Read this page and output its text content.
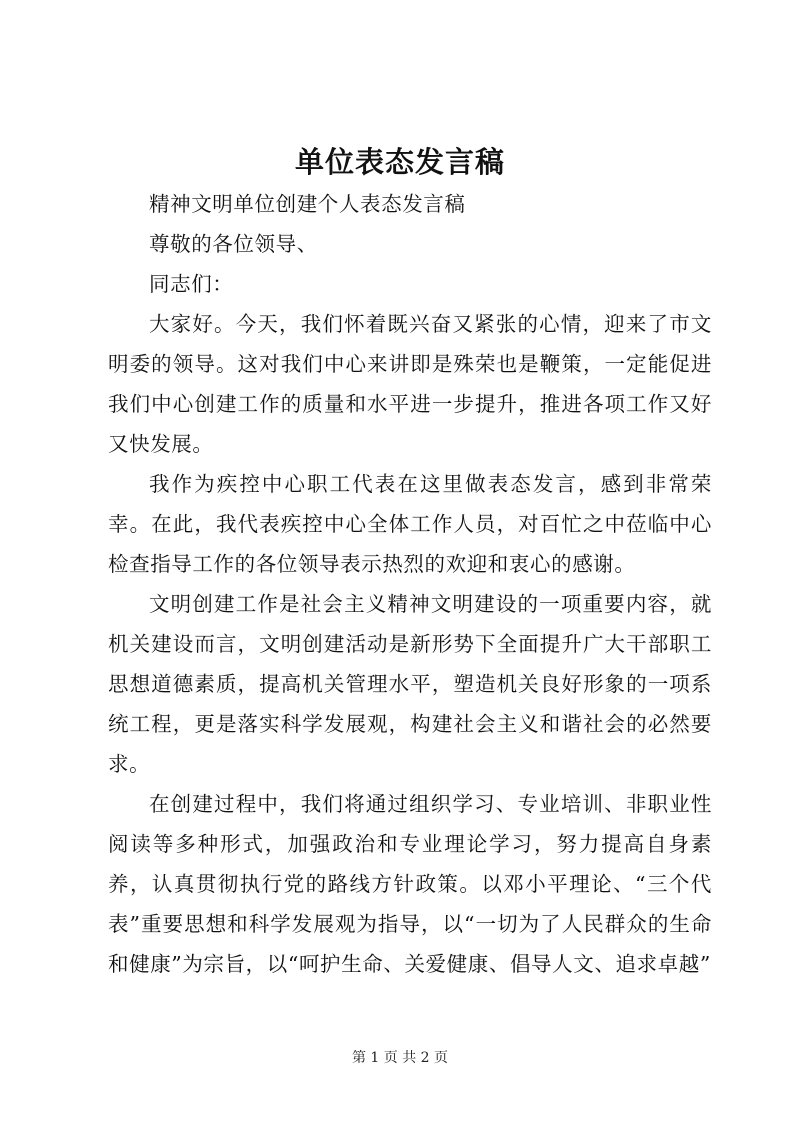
单位表态发言稿

精神文明单位创建个人表态发言稿

尊敬的各位领导、

同志们：

大家好。今天，我们怀着既兴奋又紧张的心情，迎来了市文明委的领导。这对我们中心来讲即是殊荣也是鞭策，一定能促进我们中心创建工作的质量和水平进一步提升，推进各项工作又好又快发展。

我作为疾控中心职工代表在这里做表态发言，感到非常荣幸。在此，我代表疾控中心全体工作人员，对百忙之中莅临中心检查指导工作的各位领导表示热烈的欢迎和衷心的感谢。

文明创建工作是社会主义精神文明建设的一项重要内容，就机关建设而言，文明创建活动是新形势下全面提升广大干部职工思想道德素质，提高机关管理水平，塑造机关良好形象的一项系统工程，更是落实科学发展观，构建社会主义和谐社会的必然要求。

在创建过程中，我们将通过组织学习、专业培训、非职业性阅读等多种形式，加强政治和专业理论学习，努力提高自身素养，认真贯彻执行党的路线方针政策。以邓小平理论、“三个代表”重要思想和科学发展观为指导，以“一切为了人民群众的生命和健康”为宗旨，以“呵护生命、关爱健康、倡导人文、追求卓越”

第 1 页 共 2 页
